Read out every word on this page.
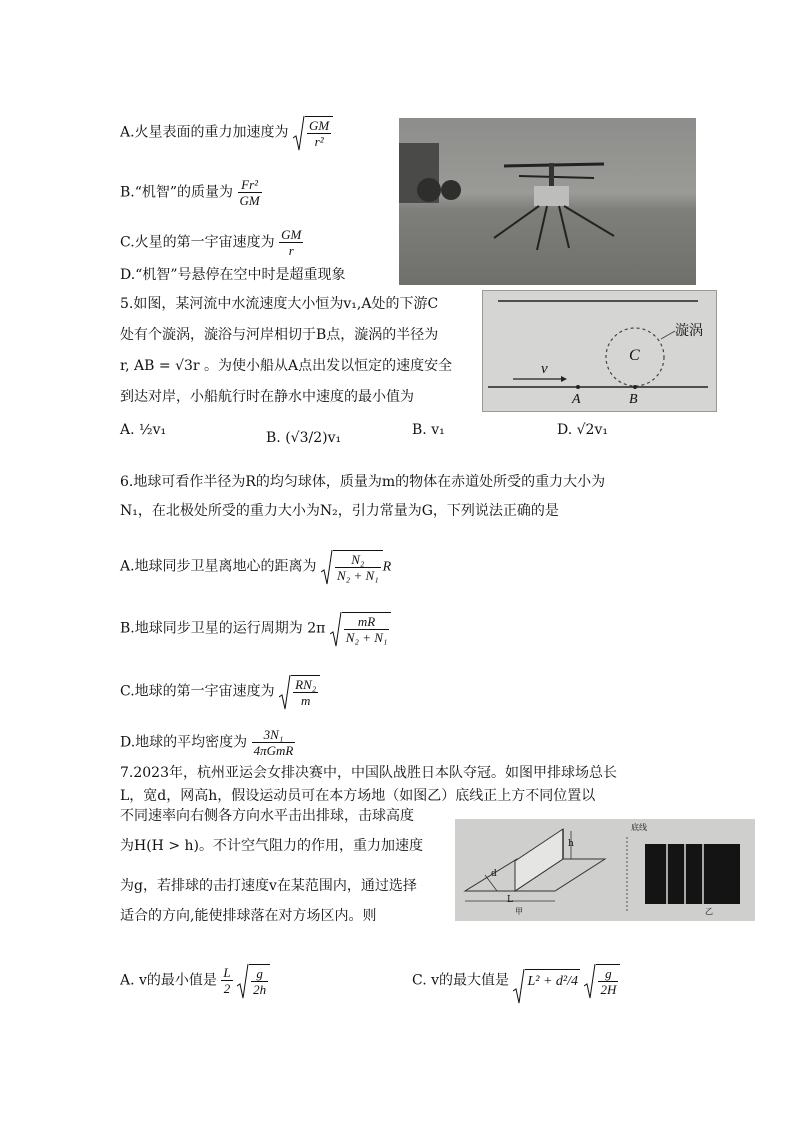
A.火星表面的重力加速度为 $\frac{GM}{\text{r²}}$
B.“机智”的质量为 $\frac{\text{Fr²}}{GM}$
C.火星的第一宇宙速度为 $\frac{GM}{r}$
D.“机智”号悬停在空中时是超重现象
5.如图，某河流中水流速度大小恒为v₁,A处的下游C
处有个漩涡，漩浴与河岸相切于B点，漩涡的半径为
r, AB = √3r 。为使小船从A点出发以恒定的速度安全
到达对岸，小船航行时在静水中速度的最小值为
A. ½v₁	B. (√3/2)v₁	B. v₁	D. √2v₁
漩涡
C
v
A	B
6.地球可看作半径为R的均匀球体，质量为m的物体在赤道处所受的重力大小为
N₁，在北极处所受的重力大小为N₂，引力常量为G，下列说法正确的是
A.地球同步卫星离地心的距离为 $\frac{\text{N₂}}{\text{N₂ + N₁}}$ R
B.地球同步卫星的运行周期为 $2\pi \frac{mR}{\text{N₂ + N₁}}$
C.地球的第一宇宙速度为 $\frac{\text{RN₂}}{m}$
D.地球的平均密度为 $\frac{\text{3N₁}}{\text{4πGmR}}$
7.2023年，杭州亚运会女排决赛中，中国队战胜日本队夺冠。如图甲排球场总长
L，宽d，网高h，假设运动员可在本方场地（如图乙）底线正上方不同位置以
不同速率向右侧各方向水平击出排球，击球高度
为H(H > h)。不计空气阻力的作用，重力加速度
为g，若排球的击打速度v在某范围内，通过选择
适合的方向,能使排球落在对方场区内。则
h
d
L
甲
底线
乙
A. v的最小值是 $\frac{L}{2}$
$\frac{g}{2h}$	C. v的最大值是 $L^2 + d^2/4 \frac{g}{2H}$
